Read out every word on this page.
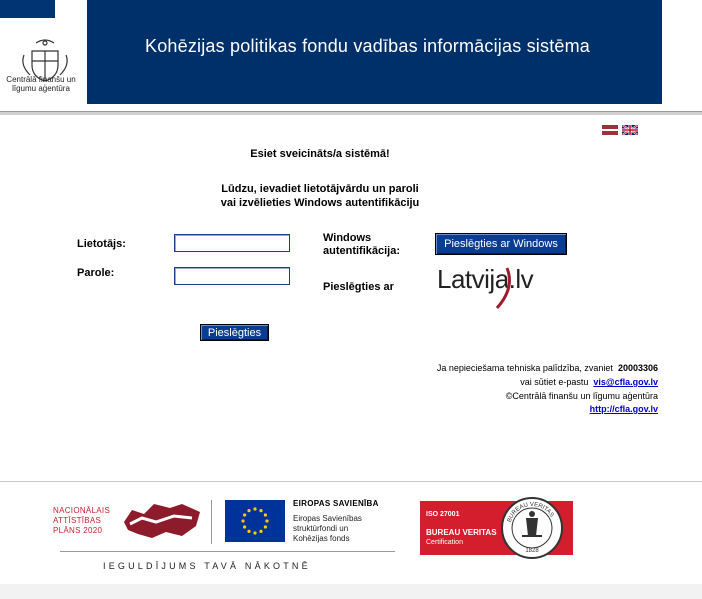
Centrālā finanšu un līgumu aģentūra
Kohēzijas politikas fondu vadības informācijas sistēma
Esiet sveicināts/a sistēmā!
Lūdzu, ievadiet lietotājvārdu un paroli
vai izvēlieties Windows autentifikāciju
Lietotājs:
Parole:
Pieslēgties
Windows
autentifikācija:
Pieslēgties ar Windows
Pieslēgties ar Latvija.lv
Ja nepieciešama tehniska palīdzība, zvaniet 20003306
vai sūtiet e-pastu vis@cfla.gov.lv
©Centrālā finanšu un līgumu aģentūra
http://cfla.gov.lv
NACIONĀLAIS
ATTĪSTĪBAS
PLĀNS 2020
EIROPAS SAVIENĪBA
Eiropas Savienības
struktūrfondi un
Kohēzijas fonds
IEGULDĪJUMS TAVĀ NĀKOTNĒ
ISO 27001
BUREAU VERITAS
Certification
BUREAU VERITAS
1828
